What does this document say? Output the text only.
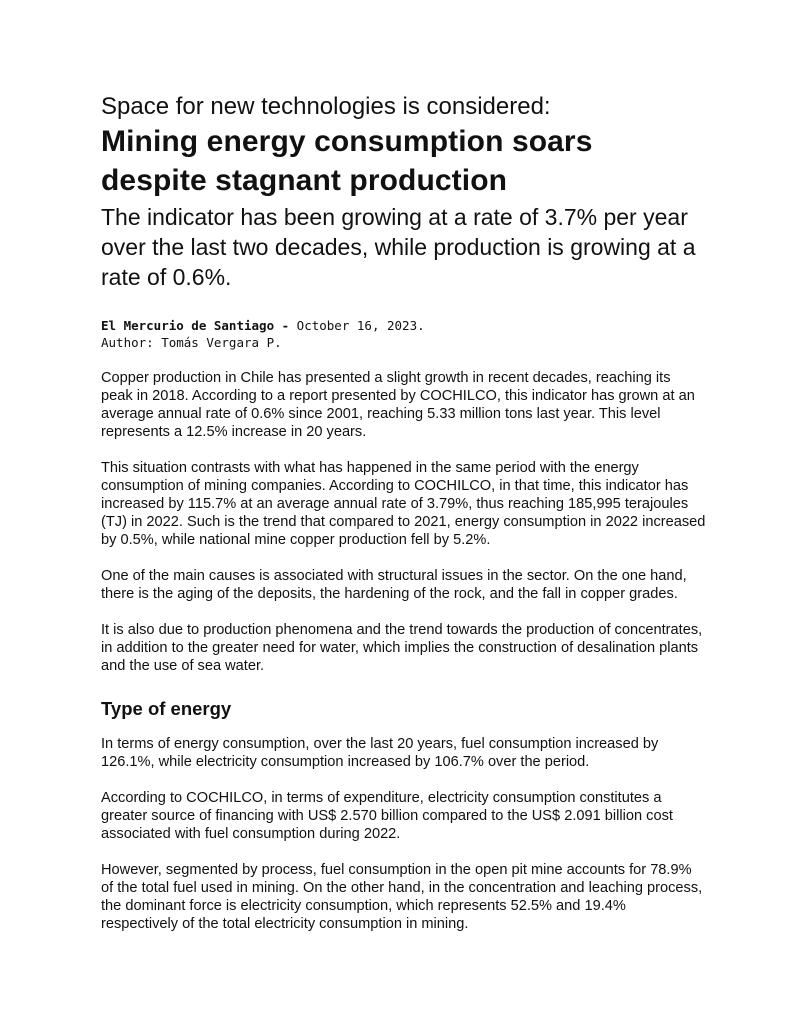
Space for new technologies is considered:

Mining energy consumption soars despite stagnant production

The indicator has been growing at a rate of 3.7% per year over the last two decades, while production is growing at a rate of 0.6%.

El Mercurio de Santiago - October 16, 2023.
Author: Tomás Vergara P.

Copper production in Chile has presented a slight growth in recent decades, reaching its peak in 2018. According to a report presented by COCHILCO, this indicator has grown at an average annual rate of 0.6% since 2001, reaching 5.33 million tons last year. This level represents a 12.5% increase in 20 years.

This situation contrasts with what has happened in the same period with the energy consumption of mining companies. According to COCHILCO, in that time, this indicator has increased by 115.7% at an average annual rate of 3.79%, thus reaching 185,995 terajoules (TJ) in 2022. Such is the trend that compared to 2021, energy consumption in 2022 increased by 0.5%, while national mine copper production fell by 5.2%.

One of the main causes is associated with structural issues in the sector. On the one hand, there is the aging of the deposits, the hardening of the rock, and the fall in copper grades.

It is also due to production phenomena and the trend towards the production of concentrates, in addition to the greater need for water, which implies the construction of desalination plants and the use of sea water.

Type of energy

In terms of energy consumption, over the last 20 years, fuel consumption increased by 126.1%, while electricity consumption increased by 106.7% over the period.

According to COCHILCO, in terms of expenditure, electricity consumption constitutes a greater source of financing with US$ 2.570 billion compared to the US$ 2.091 billion cost associated with fuel consumption during 2022.

However, segmented by process, fuel consumption in the open pit mine accounts for 78.9% of the total fuel used in mining. On the other hand, in the concentration and leaching process, the dominant force is electricity consumption, which represents 52.5% and 19.4% respectively of the total electricity consumption in mining.
